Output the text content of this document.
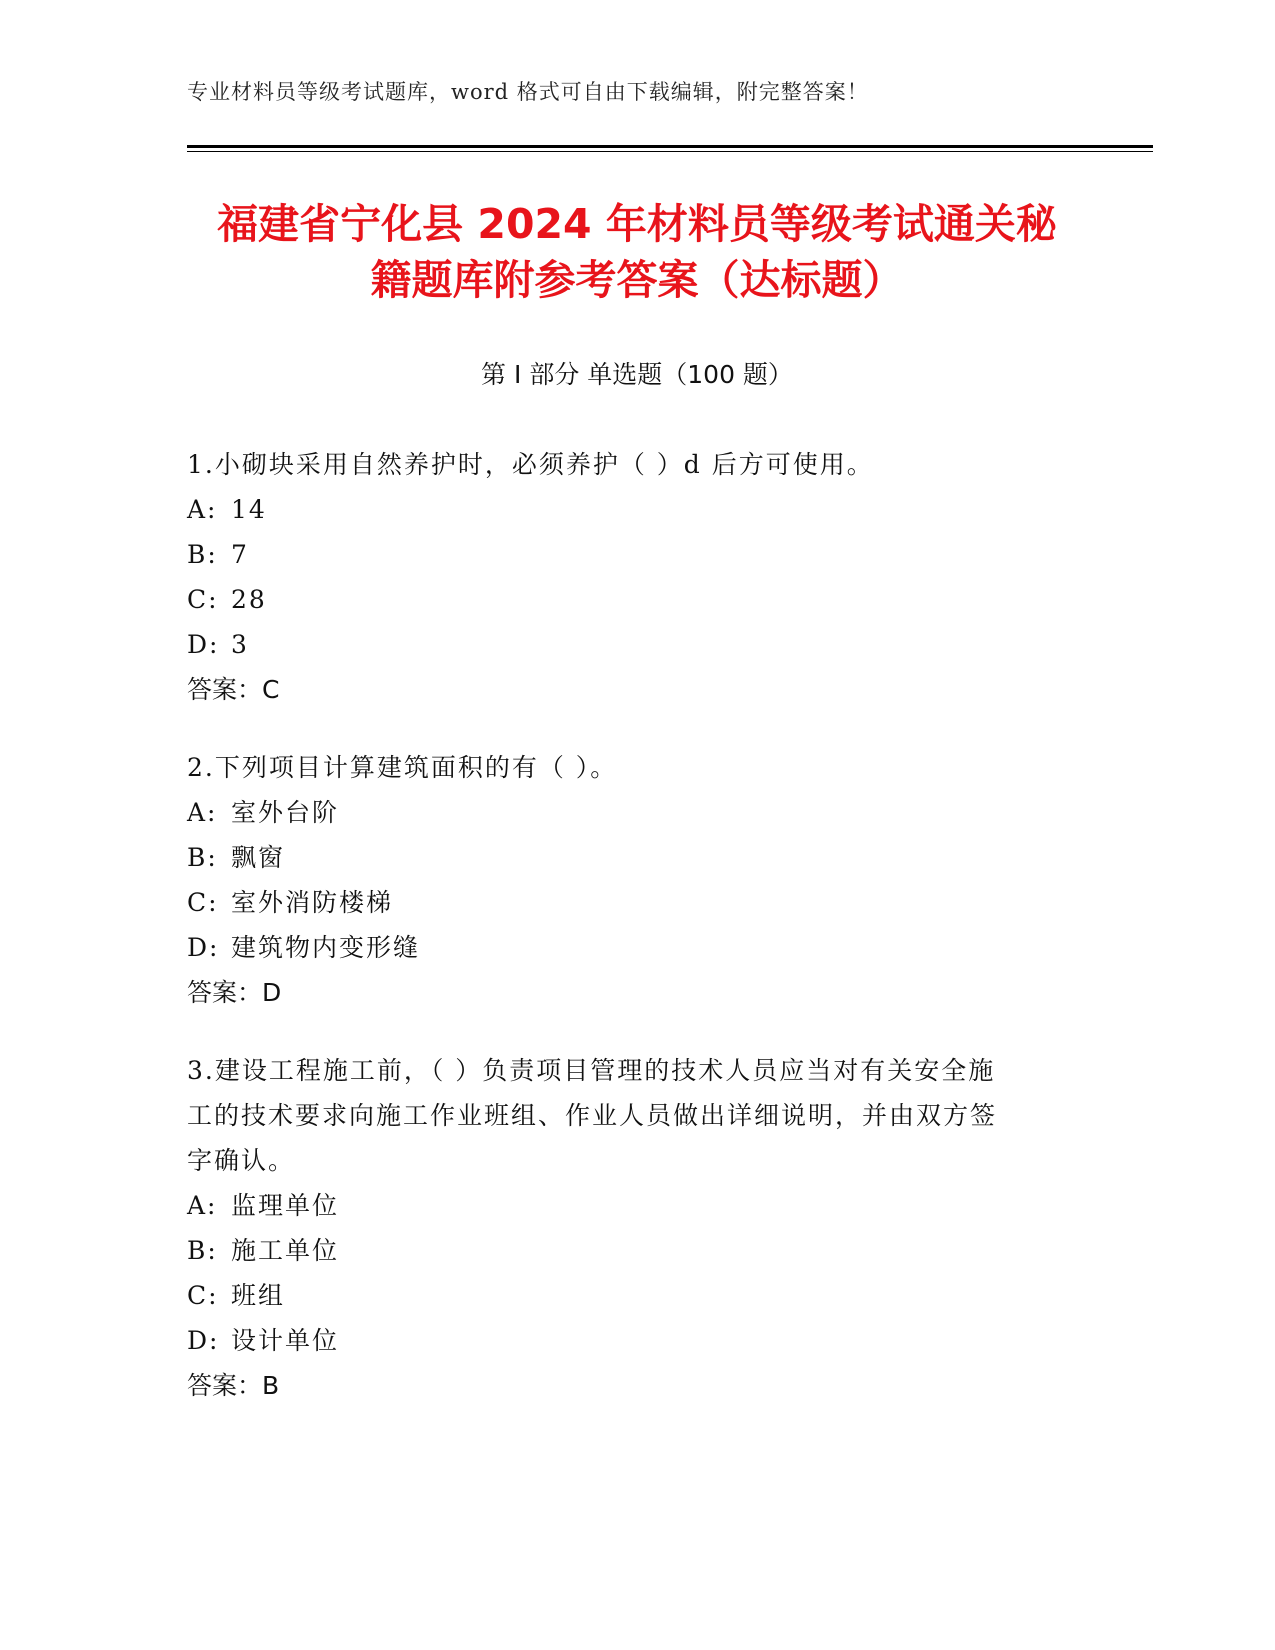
专业材料员等级考试题库，word 格式可自由下载编辑，附完整答案！
福建省宁化县 2024 年材料员等级考试通关秘
籍题库附参考答案（达标题）
第 I 部分 单选题（100 题）

1.小砌块采用自然养护时，必须养护（ ）d 后方可使用。

A: 14

B: 7

C: 28

D: 3

答案：C

2.下列项目计算建筑面积的有（ ）。

A: 室外台阶

B: 飘窗

C: 室外消防楼梯

D: 建筑物内变形缝

答案：D

3.建设工程施工前，（ ）负责项目管理的技术人员应当对有关安全施

工的技术要求向施工作业班组、作业人员做出详细说明，并由双方签

字确认。

A: 监理单位

B: 施工单位

C: 班组

D: 设计单位

答案：B
